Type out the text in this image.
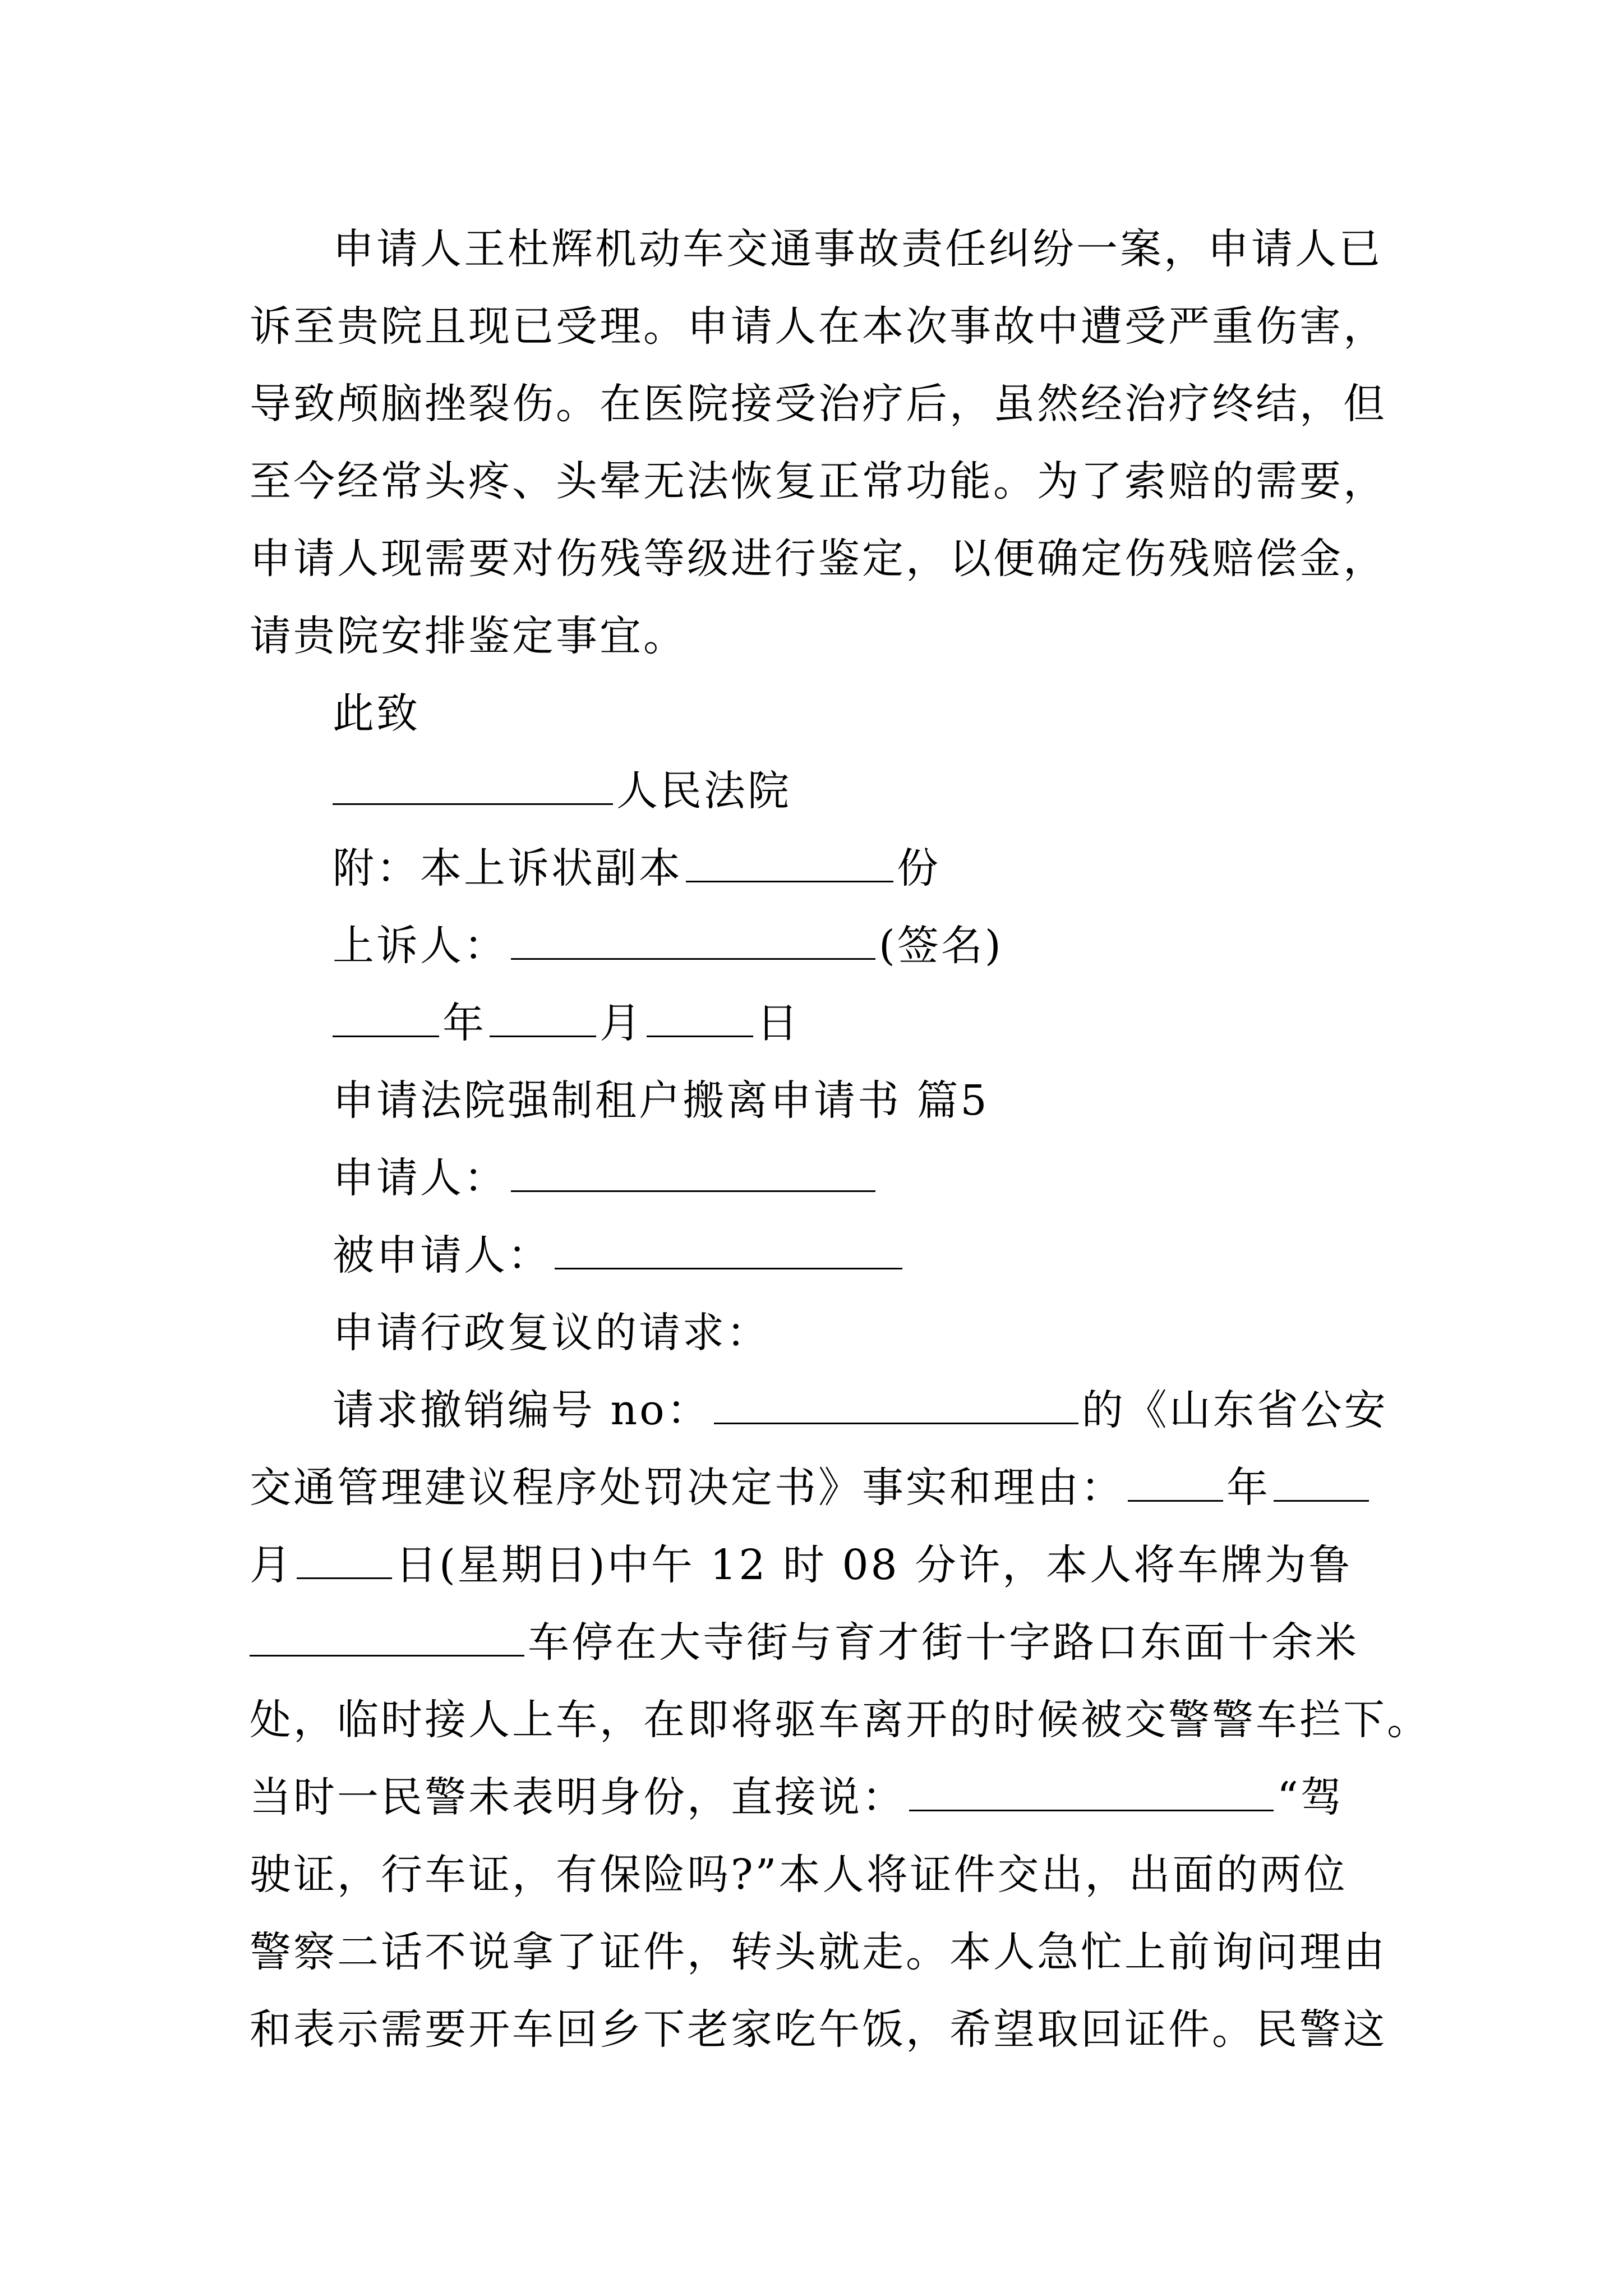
申请人王杜辉机动车交通事故责任纠纷一案，申请人已
诉至贵院且现已受理。申请人在本次事故中遭受严重伤害，
导致颅脑挫裂伤。在医院接受治疗后，虽然经治疗终结，但
至今经常头疼、头晕无法恢复正常功能。为了索赔的需要，
申请人现需要对伤残等级进行鉴定，以便确定伤残赔偿金，
请贵院安排鉴定事宜。
此致
人民法院
附：本上诉状副本	份
上诉人：	(签名)
年	月	日
申请法院强制租户搬离申请书 篇5
申请人：
被申请人：
申请行政复议的请求：
请求撤销编号 no：	的《山东省公安
交通管理建议程序处罚决定书》事实和理由： 年
月 日(星期日)中午 12 时 08 分许，本人将车牌为鲁
车停在大寺街与育才街十字路口东面十余米
处，临时接人上车，在即将驱车离开的时候被交警警车拦下。
当时一民警未表明身份，直接说：	“驾
驶证，行车证，有保险吗?”本人将证件交出，出面的两位
警察二话不说拿了证件，转头就走。本人急忙上前询问理由
和表示需要开车回乡下老家吃午饭，希望取回证件。民警这
